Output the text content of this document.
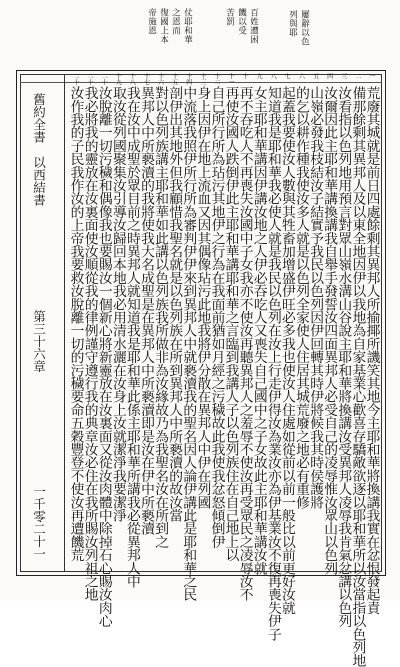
屢辭以色
列與耶
百姓遭困
饑以受
苦罰
仗耶和華
之恩而
復國上本
帝施恩
一
二
三
四
五
六
七
八
九
十
十一
十二
十三
十四
十五
十六
十七
十八
十九
二十
二十一
二十二
荒廢其城就是前日四處餘剩其異邦人所揄揶所譏笑其地今主耶和華將換講我實在忿恨發起責
備那餘剩其異邦人及以東全地因伊以我地為自家基業心歡喜存驕敵欲逐以耶和華所以汝當指以色列地
汝看指以色列地用預言對眾山嶺水溝山谷說主耶和華將換講汝受異邦人凌辱我肯氣忿講以色列
汝爾因此主耶和華講換講我自舉手發誓汝四面異邦人必受自己的凌辱惟汝眾山以色列
山嶺必發我枝結汝子結實予我民以色列因伊回轉其時伊將候我其時侯護將
的乞以耕作種我使汝多人就是以色列全家使人住居其城荒廢之地必有重修
起蓋我要使汝人數與其牲畜加增盛伊旺必多我也使汝人住處如從前以前一般比以前更好汝就
知道我是耶和華我必使人就是我民以色列在汝上行走伊得汝為業汝亦為伊基業汝不復再喪失伊子
女主耶和華講因伊講汝地之人伊必吞吃人又喪失自己國中之子女故此主耶和華講汝就
再不吞吃人不再喪失汝國中子女我亦不使汝再聽異邦人之羞辱不使汝再受眾民之凌辱汝不
再使汝國人跌倒伊此主耶和華講耶和華之言臨到我講人子以色列族住在自己地上以
自己所行所為玷污其地伊之行為在我面前猶如月經之污穢故此我使我忿怒傾倒伊
身上因伊在地上流血又因其偶像玷污此地我將伊分散在異邦人中伊在列國
中流落我照伊所行所為審判伊伊來到異邦人中就褻瀆我的聖名因人論伊講此是耶和華之民
剖伊出其地外但我顧惜我聖名就是以色列族在所到異邦人中所褻瀆的故汝當
對以色列族講主耶和華如此講以色列族我所做非為汝緣故乃為我聖名汝在所到之
異邦人中所褻瀆的我將使我大名成聖是在異邦人中所褻瀆即是汝在伊中所褻瀆
我在汝中成聖於眾目前之時異邦人就知道我是耶和華此係主耶和華所講我必從異邦人中
取汝從列國聚集汝引導汝歸回本地我必用清水灑在汝身上汝就潔淨我要潔淨
汝脫離一切污穢和偶像我也要賜汝一個新心將新靈放在汝裏面又從汝肉體中除掉石心賜汝肉心
我必將我的靈放在汝裏面使汝順從我的律例謹守遵行我的典章汝必住在我所賜汝列祖之地
汝作我的子民我作汝的上帝我要救汝脫離一切的污穢要命五穀豐登不使汝再遭饑荒
舊約全書
以西結書
第三十六章
一千零二十一
